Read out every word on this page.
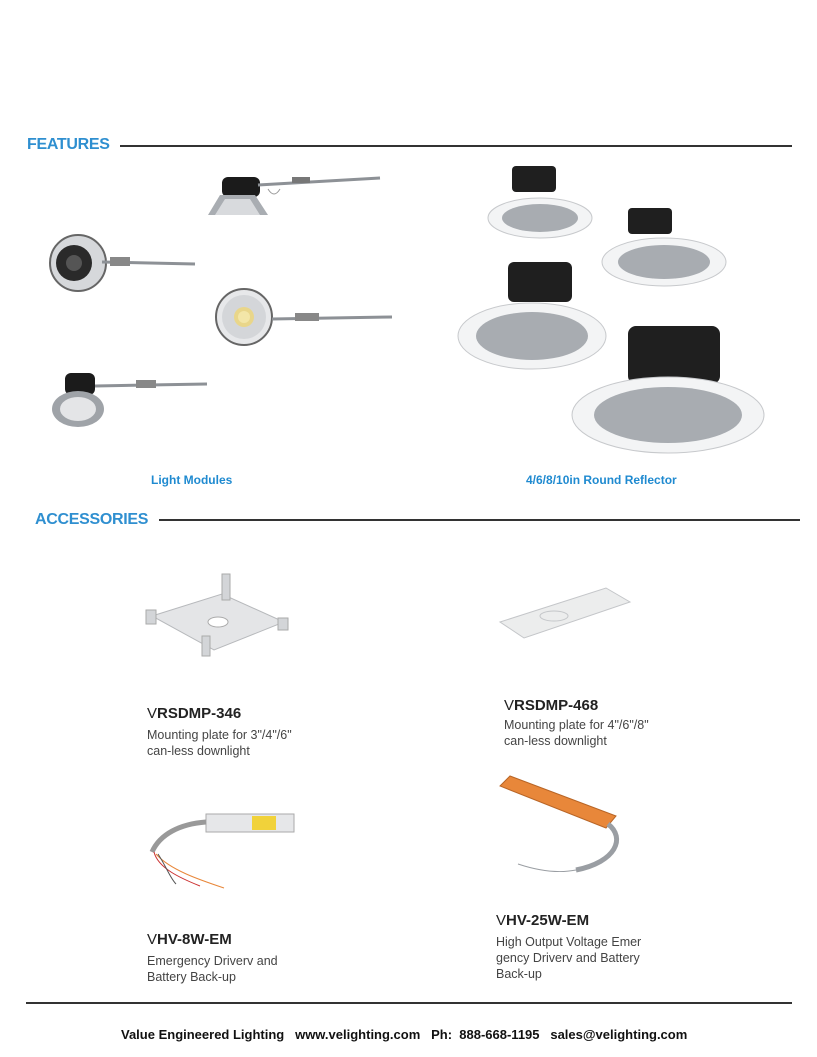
FEATURES
Light Modules	4/6/8/10in Round Reflector
ACCESSORIES
VRSDMP-346
Mounting plate for 3"/4"/6"
can-less downlight
VRSDMP-468
Mounting plate for 4"/6"/8"
can-less downlight
VHV-8W-EM
Emergency Driverv and
Battery Back-up
VHV-25W-EM
High Output Voltage Emer
gency Driverv and Battery
Back-up
Value Engineered Lighting   www.velighting.com   Ph:  888-668-1195   sales@velighting.com
